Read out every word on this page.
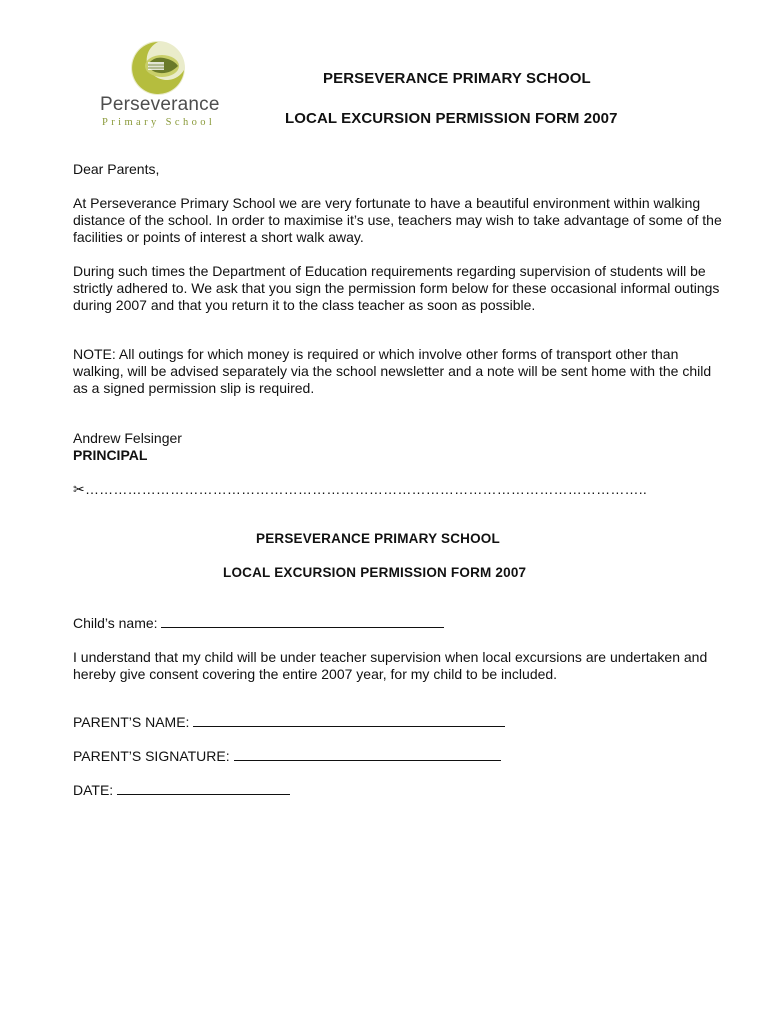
Perseverance
Primary School
PERSEVERANCE PRIMARY SCHOOL
LOCAL EXCURSION PERMISSION FORM 2007
Dear Parents,
At Perseverance Primary School we are very fortunate to have a beautiful environment within walking distance of the school. In order to maximise it’s use, teachers may wish to take advantage of some of the facilities or points of interest a short walk away.
During such times the Department of Education requirements regarding supervision of students will be strictly adhered to. We ask that you sign the permission form below for these occasional informal outings during 2007 and that you return it to the class teacher as soon as possible.
NOTE: All outings for which money is required or which involve other forms of transport other than walking, will be advised separately via the school newsletter and a note will be sent home with the child as a signed permission slip is required.
Andrew Felsinger
PRINCIPAL
✂………………………………………………………………………………………………………..
PERSEVERANCE PRIMARY SCHOOL
LOCAL EXCURSION PERMISSION FORM 2007
Child’s name:
I understand that my child will be under teacher supervision when local excursions are undertaken and hereby give consent covering the entire 2007 year, for my child to be included.
PARENT’S NAME:
PARENT’S SIGNATURE:
DATE:
